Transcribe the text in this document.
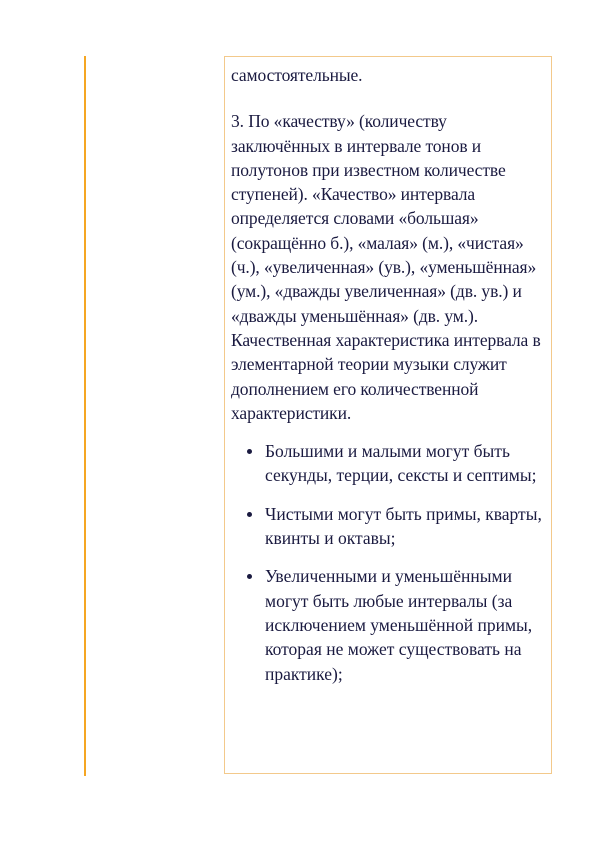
самостоятельные.

3. По «качеству» (количеству заключённых в интервале тонов и полутонов при известном количестве ступеней). «Качество» интервала определяется словами «большая» (сокращённо б.), «малая» (м.), «чистая» (ч.), «увеличенная» (ув.), «уменьшённая» (ум.), «дважды увеличенная» (дв. ув.) и «дважды уменьшённая» (дв. ум.). Качественная характеристика интервала в элементарной теории музыки служит дополнением его количественной характеристики.

Большими и малыми могут быть секунды, терции, сексты и септимы;
Чистыми могут быть примы, кварты, квинты и октавы;
Увеличенными и уменьшёнными могут быть любые интервалы (за исключением уменьшённой примы, которая не может существовать на практике);
